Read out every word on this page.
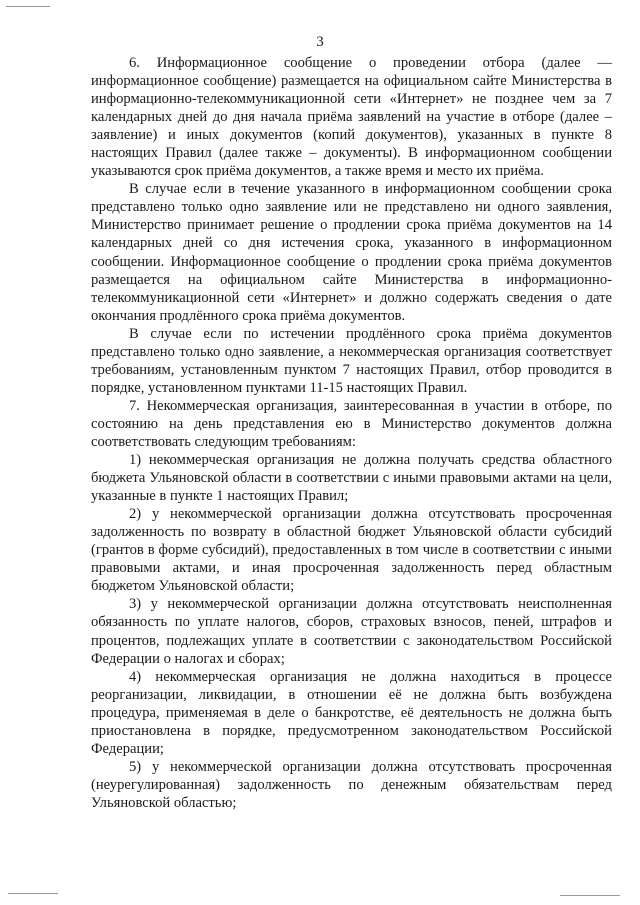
3

6. Информационное сообщение о проведении отбора (далее — информационное сообщение) размещается на официальном сайте Министерства в информационно-телекоммуникационной сети «Интернет» не позднее чем за 7 календарных дней до дня начала приёма заявлений на участие в отборе (далее – заявление) и иных документов (копий документов), указанных в пункте 8 настоящих Правил (далее также – документы). В информационном сообщении указываются срок приёма документов, а также время и место их приёма.

В случае если в течение указанного в информационном сообщении срока представлено только одно заявление или не представлено ни одного заявления, Министерство принимает решение о продлении срока приёма документов на 14 календарных дней со дня истечения срока, указанного в информационном сообщении. Информационное сообщение о продлении срока приёма документов размещается на официальном сайте Министерства в информационно-телекоммуникационной сети «Интернет» и должно содержать сведения о дате окончания продлённого срока приёма документов.

В случае если по истечении продлённого срока приёма документов представлено только одно заявление, а некоммерческая организация соответствует требованиям, установленным пунктом 7 настоящих Правил, отбор проводится в порядке, установленном пунктами 11-15 настоящих Правил.

7. Некоммерческая организация, заинтересованная в участии в отборе, по состоянию на день представления ею в Министерство документов должна соответствовать следующим требованиям:

1) некоммерческая организация не должна получать средства областного бюджета Ульяновской области в соответствии с иными правовыми актами на цели, указанные в пункте 1 настоящих Правил;

2) у некоммерческой организации должна отсутствовать просроченная задолженность по возврату в областной бюджет Ульяновской области субсидий (грантов в форме субсидий), предоставленных в том числе в соответствии с иными правовыми актами, и иная просроченная задолженность перед областным бюджетом Ульяновской области;

3) у некоммерческой организации должна отсутствовать неисполненная обязанность по уплате налогов, сборов, страховых взносов, пеней, штрафов и процентов, подлежащих уплате в соответствии с законодательством Российской Федерации о налогах и сборах;

4) некоммерческая организация не должна находиться в процессе реорганизации, ликвидации, в отношении её не должна быть возбуждена процедура, применяемая в деле о банкротстве, её деятельность не должна быть приостановлена в порядке, предусмотренном законодательством Российской Федерации;

5) у некоммерческой организации должна отсутствовать просроченная (неурегулированная) задолженность по денежным обязательствам перед Ульяновской областью;
